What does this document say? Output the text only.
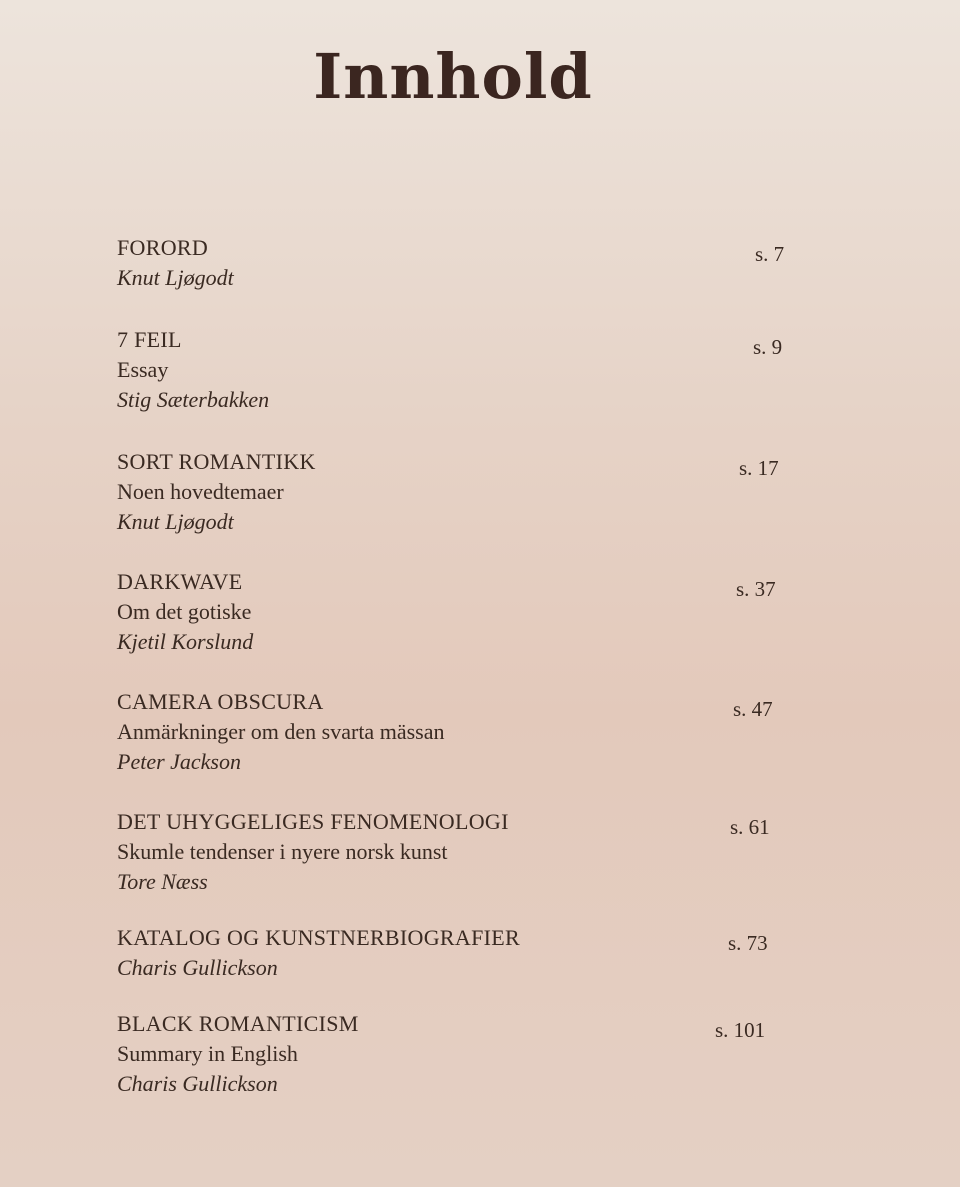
Innhold
FORORD
Knut Ljøgodt
s. 7
7 FEIL
Essay
Stig Sæterbakken
s. 9
SORT ROMANTIKK
Noen hovedtemaer
Knut Ljøgodt
s. 17
DARKWAVE
Om det gotiske
Kjetil Korslund
s. 37
CAMERA OBSCURA
Anmärkninger om den svarta mässan
Peter Jackson
s. 47
DET UHYGGELIGES FENOMENOLOGI
Skumle tendenser i nyere norsk kunst
Tore Næss
s. 61
KATALOG OG KUNSTNERBIOGRAFIER
Charis Gullickson
s. 73
BLACK ROMANTICISM
Summary in English
Charis Gullickson
s. 101
